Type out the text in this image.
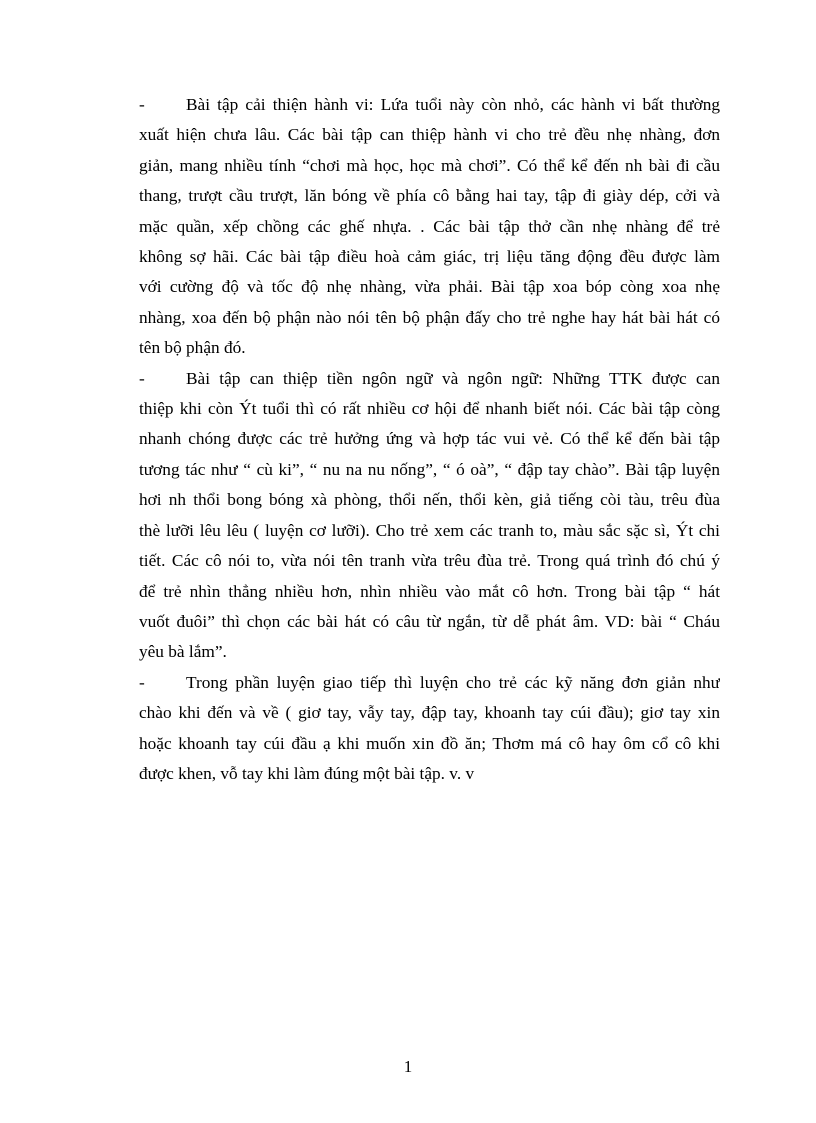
-	Bài tập cải thiện hành vi: Lứa tuổi này còn nhỏ, các hành vi bất thường
xuất hiện chưa lâu. Các bài tập can thiệp hành vi cho trẻ đều nhẹ nhàng, đơn
giản, mang nhiều tính “chơi mà học, học mà chơi”. Có thể kể đến nh bài đi cầu
thang, trượt cầu trượt, lăn bóng về phía cô bằng hai tay, tập đi giày dép, cởi và
mặc quần, xếp chồng các ghế nhựa. . Các bài tập thở cần nhẹ nhàng để trẻ
không sợ hãi. Các bài tập điều hoà cảm giác, trị liệu tăng động đều được làm
với cường độ và tốc độ nhẹ nhàng, vừa phải. Bài tập xoa bóp còng xoa nhẹ
nhàng, xoa đến bộ phận nào nói tên bộ phận đấy cho trẻ nghe hay hát bài hát có
tên bộ phận đó.
-	Bài tập can thiệp tiền ngôn ngữ và ngôn ngữ: Những TTK được can
thiệp khi còn Ýt tuổi thì có rất nhiều cơ hội để nhanh biết nói. Các bài tập còng
nhanh chóng được các trẻ hưởng ứng và hợp tác vui vẻ. Có thể kể đến bài tập
tương tác như “ cù ki”, “ nu na nu nống”, “ ó oà”, “ đập tay chào”. Bài tập luyện
hơi nh thổi bong bóng xà phòng, thổi nến, thổi kèn, giả tiếng còi tàu, trêu đùa
thè lưỡi lêu lêu ( luyện cơ lưỡi). Cho trẻ xem các tranh to, màu sắc sặc sì, Ýt chi
tiết. Các cô nói to, vừa nói tên tranh vừa trêu đùa trẻ. Trong quá trình đó chú ý
để trẻ nhìn thẳng nhiều hơn, nhìn nhiều vào mắt cô hơn. Trong bài tập “ hát
vuốt đuôi” thì chọn các bài hát có câu từ ngắn, từ dễ phát âm. VD: bài “ Cháu
yêu bà lắm”.
-	Trong phần luyện giao tiếp thì luyện cho trẻ các kỹ năng đơn giản như
chào khi đến và về ( giơ tay, vẫy tay, đập tay, khoanh tay cúi đầu); giơ tay xin
hoặc khoanh tay cúi đầu ạ khi muốn xin đồ ăn; Thơm má cô hay ôm cổ cô khi
được khen, vỗ tay khi làm đúng một bài tập. v. v
1
